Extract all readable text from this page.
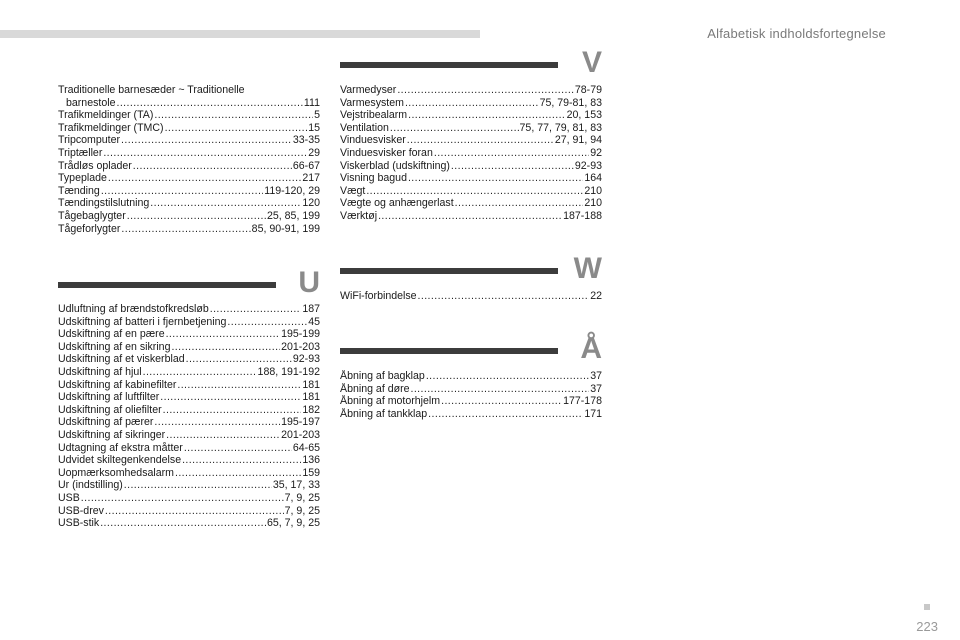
Alfabetisk indholdsfortegnelse
Traditionelle barnesæder ~ Traditionelle
barnestole .....	111
Trafikmeldinger (TA) .....	5
Trafikmeldinger (TMC) .....	15
Tripcomputer .....	33-35
Triptæller .....	29
Trådløs oplader .....	66-67
Typeplade .....	217
Tænding .....	119-120, 29
Tændingstilslutning .....	120
Tågebaglygter .....	25, 85, 199
Tågeforlygter .....	85, 90-91, 199
U
Udluftning af brændstofkredsløb .....	187
Udskiftning af batteri i fjernbetjening .....	45
Udskiftning af en pære .....	195-199
Udskiftning af en sikring .....	201-203
Udskiftning af et viskerblad .....	92-93
Udskiftning af hjul .....	188, 191-192
Udskiftning af kabinefilter .....	181
Udskiftning af luftfilter .....	181
Udskiftning af oliefilter .....	182
Udskiftning af pærer .....	195-197
Udskiftning af sikringer .....	201-203
Udtagning af ekstra måtter .....	64-65
Udvidet skiltegenkendelse .....	136
Uopmærksomhedsalarm .....	159
Ur (indstilling) .....	35, 17, 33
USB .....	7, 9, 25
USB-drev .....	7, 9, 25
USB-stik .....	65, 7, 9, 25
V
Varmedyser .....	78-79
Varmesystem .....	75, 79-81, 83
Vejstribealarm .....	20, 153
Ventilation .....	75, 77, 79, 81, 83
Vinduesvisker .....	27, 91, 94
Vinduesvisker foran .....	92
Viskerblad (udskiftning) .....	92-93
Visning bagud .....	164
Vægt .....	210
Vægte og anhængerlast .....	210
Værktøj .....	187-188
W
WiFi-forbindelse .....	22
Å
Åbning af bagklap .....	37
Åbning af døre .....	37
Åbning af motorhjelm .....	177-178
Åbning af tankklap .....	171
223
